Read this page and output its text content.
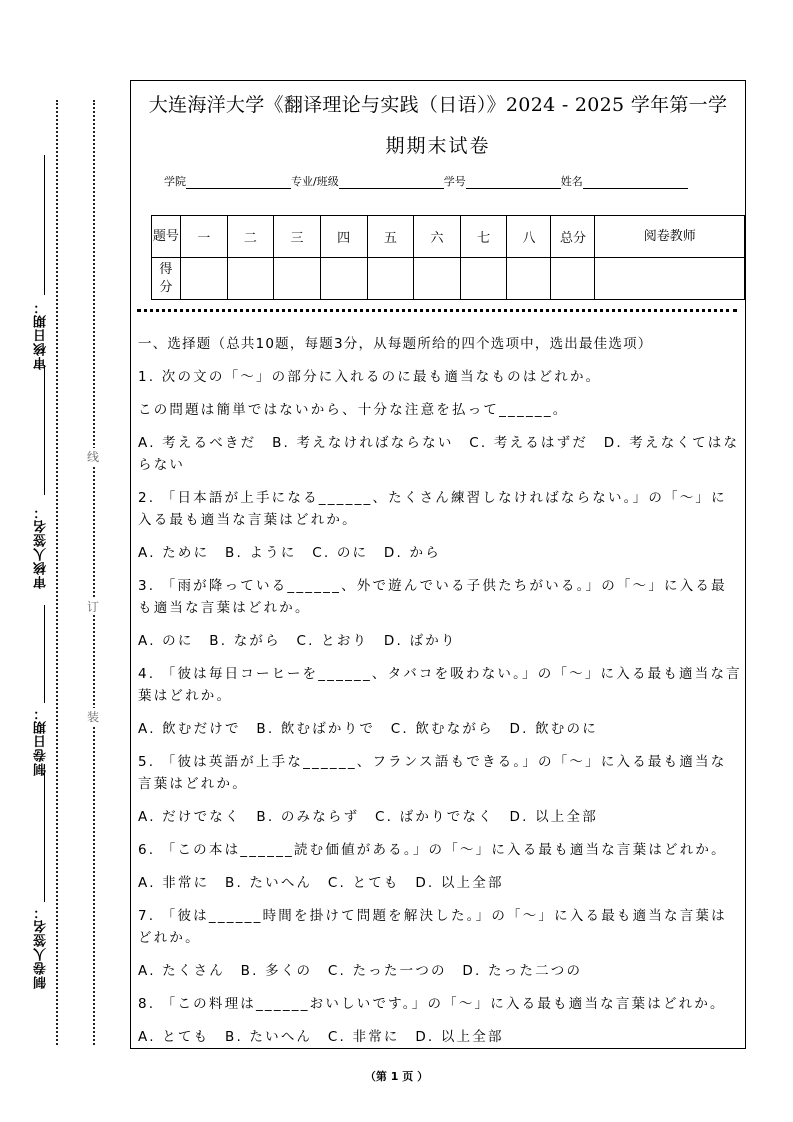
审核日期：
审核人签名：
制卷日期：
制卷人签名：
线
订
装
大连海洋大学《翻译理论与实践（日语）》2024 - 2025 学年第一学
期期末试卷
学院	专业/班级	学号	姓名
题号	一	二	三	四	五	六	七	八	总分	阅卷教师
得分										

一、选择题（总共10题，每题3分，从每题所给的四个选项中，选出最佳选项）

1. 次の文の「～」の部分に入れるのに最も適当なものはどれか。

この問題は簡単ではないから、十分な注意を払って______。

A. 考えるべきだ　B. 考えなければならない　C. 考えるはずだ　D. 考えなくてはならない

2. 「日本語が上手になる______、たくさん練習しなければならない。」の「～」に入る最も適当な言葉はどれか。

A. ために　B. ように　C. のに　D. から

3. 「雨が降っている______、外で遊んでいる子供たちがいる。」の「～」に入る最も適当な言葉はどれか。

A. のに　B. ながら　C. とおり　D. ばかり

4. 「彼は毎日コーヒーを______、タバコを吸わない。」の「～」に入る最も適当な言葉はどれか。

A. 飲むだけで　B. 飲むばかりで　C. 飲むながら　D. 飲むのに

5. 「彼は英語が上手な______、フランス語もできる。」の「～」に入る最も適当な言葉はどれか。

A. だけでなく　B. のみならず　C. ばかりでなく　D. 以上全部

6. 「この本は______読む価値がある。」の「～」に入る最も適当な言葉はどれか。

A. 非常に　B. たいへん　C. とても　D. 以上全部

7. 「彼は______時間を掛けて問題を解決した。」の「～」に入る最も適当な言葉はどれか。

A. たくさん　B. 多くの　C. たった一つの　D. たった二つの

8. 「この料理は______おいしいです。」の「～」に入る最も適当な言葉はどれか。

A. とても　B. たいへん　C. 非常に　D. 以上全部

（第 1 页 ）
